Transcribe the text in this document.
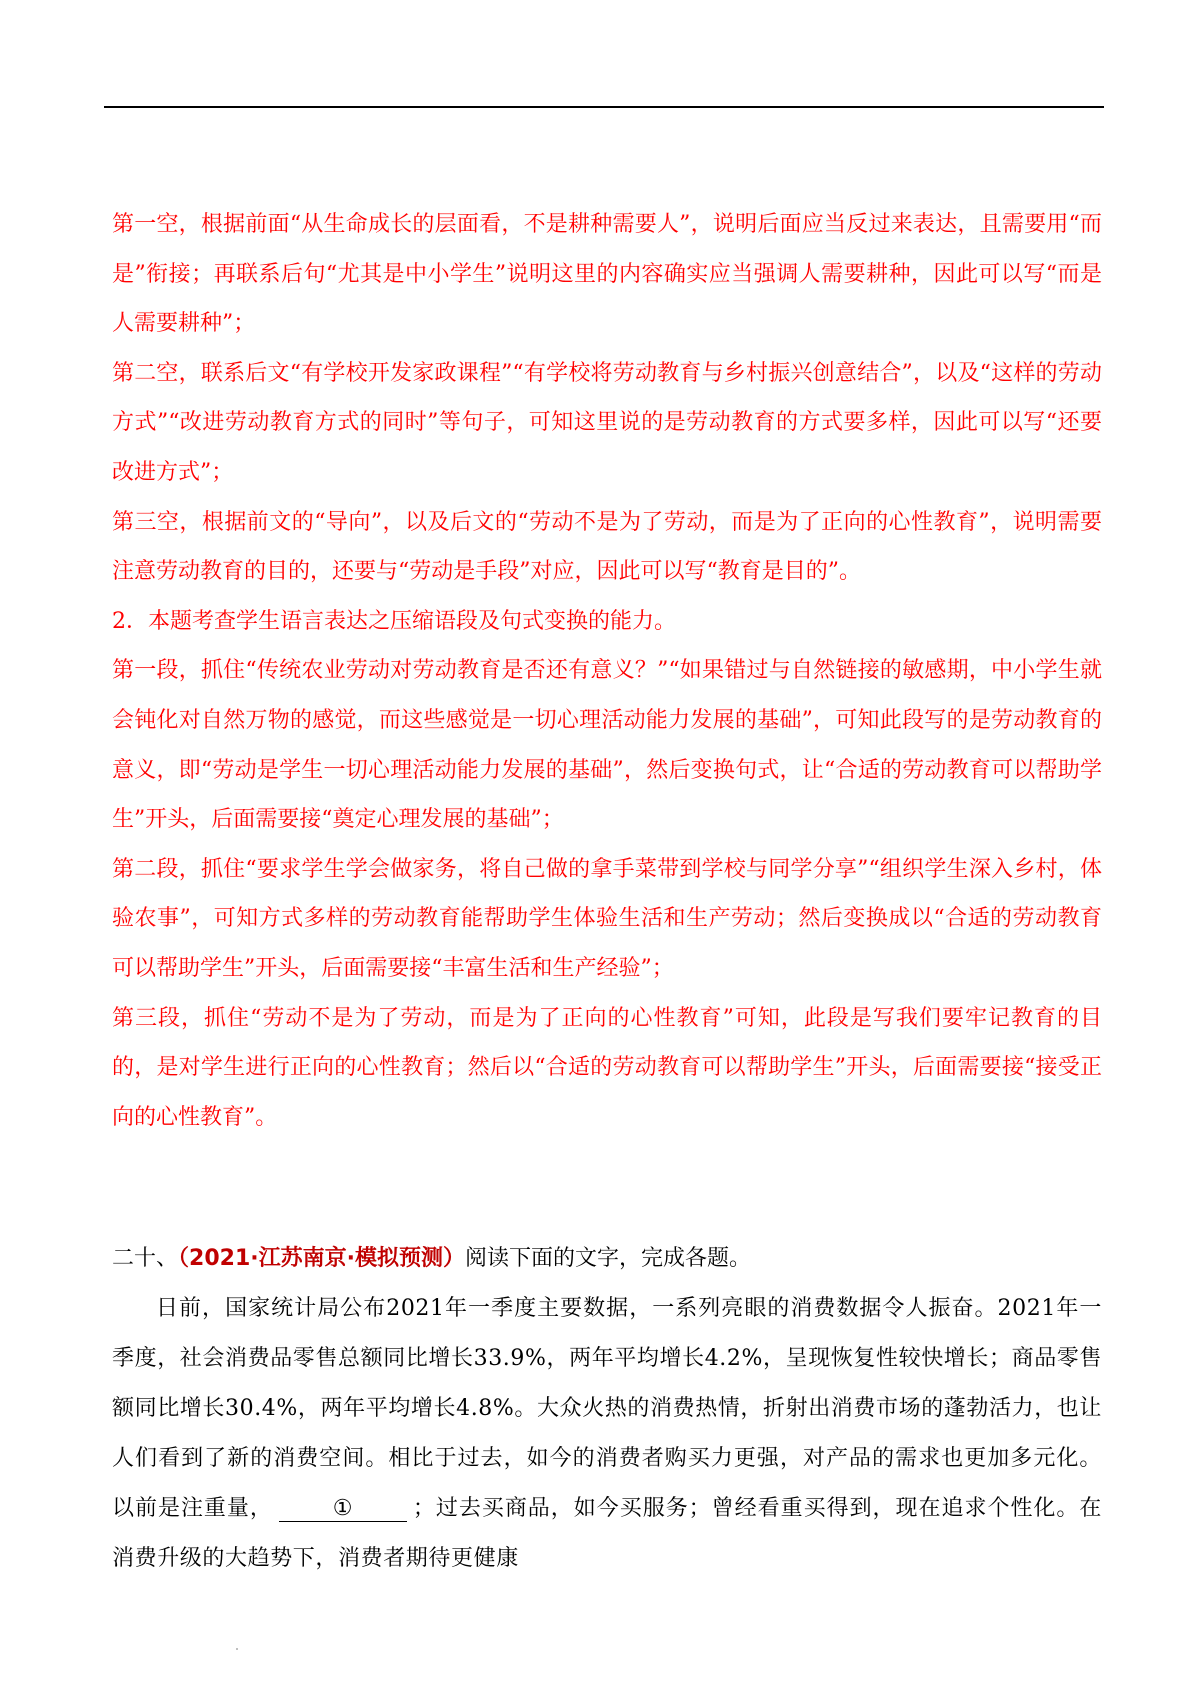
第一空，根据前面“从生命成长的层面看，不是耕种需要人”，说明后面应当反过来表达，且需要用“而是”衔接；再联系后句“尤其是中小学生”说明这里的内容确实应当强调人需要耕种，因此可以写“而是人需要耕种”；

第二空，联系后文“有学校开发家政课程”“有学校将劳动教育与乡村振兴创意结合”，以及“这样的劳动方式”“改进劳动教育方式的同时”等句子，可知这里说的是劳动教育的方式要多样，因此可以写“还要改进方式”；

第三空，根据前文的“导向”，以及后文的“劳动不是为了劳动，而是为了正向的心性教育”，说明需要注意劳动教育的目的，还要与“劳动是手段”对应，因此可以写“教育是目的”。

2．本题考查学生语言表达之压缩语段及句式变换的能力。

第一段，抓住“传统农业劳动对劳动教育是否还有意义？”“如果错过与自然链接的敏感期，中小学生就会钝化对自然万物的感觉，而这些感觉是一切心理活动能力发展的基础”，可知此段写的是劳动教育的意义，即“劳动是学生一切心理活动能力发展的基础”，然后变换句式，让“合适的劳动教育可以帮助学生”开头，后面需要接“奠定心理发展的基础”；

第二段，抓住“要求学生学会做家务，将自己做的拿手菜带到学校与同学分享”“组织学生深入乡村，体验农事”，可知方式多样的劳动教育能帮助学生体验生活和生产劳动；然后变换成以“合适的劳动教育可以帮助学生”开头，后面需要接“丰富生活和生产经验”；

第三段，抓住“劳动不是为了劳动，而是为了正向的心性教育”可知，此段是写我们要牢记教育的目的，是对学生进行正向的心性教育；然后以“合适的劳动教育可以帮助学生”开头，后面需要接“接受正向的心性教育”。

二十、（2021·江苏南京·模拟预测）阅读下面的文字，完成各题。

日前，国家统计局公布2021年一季度主要数据，一系列亮眼的消费数据令人振奋。2021年一季度，社会消费品零售总额同比增长33.9%，两年平均增长4.2%，呈现恢复性较快增长；商品零售额同比增长30.4%，两年平均增长4.8%。大众火热的消费热情，折射出消费市场的蓬勃活力，也让人们看到了新的消费空间。相比于过去，如今的消费者购买力更强，对产品的需求也更加多元化。以前是注重量，	①	；过去买商品，如今买服务；曾经看重买得到，现在追求个性化。在消费升级的大趋势下，消费者期待更健康
